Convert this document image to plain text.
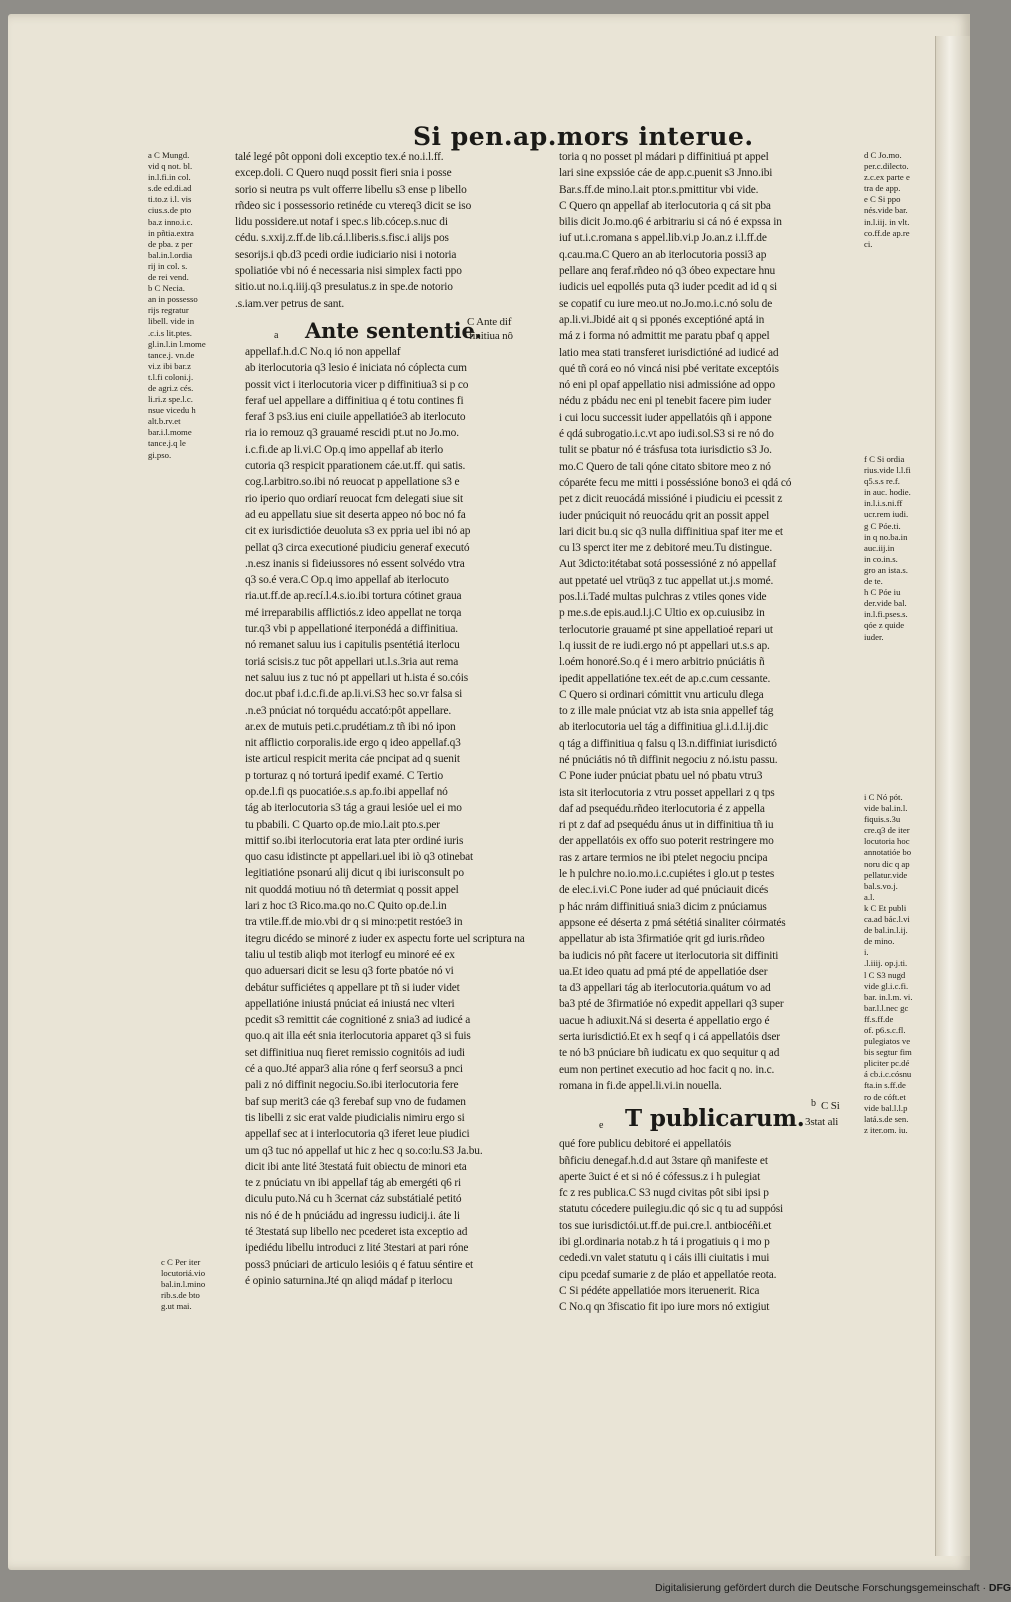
Si pen.ap.mors interue.
a C Mungd.
vid q not. bl.
in.l.fi.in col.
s.de ed.di.ad
ti.to.z i.l. vis
cius.s.de pto
ba.z inno.i.c.
in pñtia.extra
de pba. z per
bal.in.l.ordia
rij in col. s.
de rei vend.
b C Necia.
an in possesso
rijs regratur
libell. vide in
.c.i.s lit.ptes.
gl.in.l.in l.mome
tance.j. vn.de
vi.z ibi bar.z
t.l.fi coloni.j.
de agri.z cés.
li.ri.z spe.l.c.
nsue vicedu h
alt.b.rv.et
bar.i.l.mome
tance.j.q le
gi.pso.
c C Per iter
locutoriá.vio
bal.in.l.mino
rib.s.de bto
g.ut mai.
talé legé pôt opponi doli exceptio tex.é no.i.l.ff.
excep.doli. C Quero nuqd possit fieri snia i posse
sorio si neutra ps vult offerre libellu s3 ense p libello
rñdeo sic i possessorio retinéde cu vtereq3 dicit se iso
lidu possidere.ut notaf i spec.s lib.cócep.s.nuc di
cédu. s.xxij.z.ff.de lib.cá.l.liberis.s.fisc.i alijs pos
sesorijs.i qb.d3 pcedi ordie iudiciario nisi i notoria
spoliatióe vbi nó é necessaria nisi simplex facti ppo
sitio.ut no.i.q.iiij.q3 presulatus.z in spe.de notorio
.s.iam.ver petrus de sant.
Ante sententie.
C Ante dif
finitiua nô
a
appellaf.h.d.C No.q ió non appellaf
ab iterlocutoria q3 lesio é iniciata nó cóplecta cum
possit vict i iterlocutoria vicer p diffinitiua3 si p co
feraf uel appellare a diffinitiua q é totu contines fi
feraf 3 ps3.ius eni ciuile appellatióe3 ab iterlocuto
ria io remouz q3 grauamé rescidi pt.ut no Jo.mo.
i.c.fi.de ap li.vi.C Op.q imo appellaf ab iterlo
cutoria q3 respicit pparationem cáe.ut.ff. qui satis.
cog.l.arbitro.so.ibi nó reuocat p appellatione s3 e
rio iperio quo ordiarí reuocat fcm delegati siue sit
ad eu appellatu siue sit deserta appeo nó boc nó fa
cit ex iurisdictióe deuoluta s3 ex ppria uel ibi nó ap
pellat q3 circa executioné piudiciu generaf executó
.n.esz inanis si fideiussores nó essent solvédo vtra
q3 so.é vera.C Op.q imo appellaf ab iterlocuto
ria.ut.ff.de ap.recí.l.4.s.io.ibi tortura cótinet graua
mé irreparabilis afflictiós.z ideo appellat ne torqa
tur.q3 vbi p appellationé iterponédá a diffinitiua.
nó remanet saluu ius i capitulis psentétiá iterlocu
toriá scisis.z tuc pôt appellari ut.l.s.3ria aut rema
net saluu ius z tuc nó pt appellari ut h.ista é so.cóis
doc.ut pbaf i.d.c.fi.de ap.li.vi.S3 hec so.vr falsa si
.n.e3 pnúciat nó torquédu accató:pôt appellare.
ar.ex de mutuis peti.c.prudétiam.z tñ ibi nó ipon
nit afflictio corporalis.ide ergo q ideo appellaf.q3
iste articul respicit merita cáe pncipat ad q suenit
p torturaz q nó torturá ipedif examé. C Tertio
op.de.l.fi qs puocatióe.s.s ap.fo.ibi appellaf nó
tág ab iterlocutoria s3 tág a graui lesióe uel ei mo
tu pbabili. C Quarto op.de mio.l.ait pto.s.per
mittif so.ibi iterlocutoria erat lata pter ordiné iuris
quo casu idistincte pt appellari.uel ibi iò q3 otinebat
legitiatióne psonarú alij dicut q ibi iurisconsult po
nit quoddá motiuu nó tñ determiat q possit appel
lari z hoc t3 Rico.ma.qo no.C Quito op.de.l.in
tra vtile.ff.de mio.vbi dr q si mino:petit restóe3 in
itegru dicédo se minoré z iuder ex aspectu forte uel scriptura na
taliu ul testib aliqb mot iterlogf eu minoré eé ex
quo aduersari dicit se lesu q3 forte pbatóe nó vi
debátur sufficiétes q appellare pt tñ si iuder videt
appellatióne iniustá pnúciat eá iniustá nec vlteri
pcedit s3 remittit cáe cognitioné z snia3 ad iudicé a
quo.q ait illa eét snia iterlocutoria apparet q3 si fuis
set diffinitiua nuq fieret remissio cognitóis ad iudi
cé a quo.Jté appar3 alia róne q ferf seorsu3 a pnci
pali z nó diffinit negociu.So.ibi iterlocutoria fere
baf sup merit3 cáe q3 ferebaf sup vno de fudamen
tis libelli z sic erat valde piudicialis nimiru ergo si
appellaf sec at i interlocutoria q3 iferet leue piudici
um q3 tuc nó appellaf ut hic z hec q so.co:lu.S3 Ja.bu.
dicit ibi ante lité 3testatá fuit obiectu de minori eta
te z pnúciatu vn ibi appellaf tág ab emergéti q6 ri
diculu puto.Ná cu h 3cernat cáz substátialé petitó
nis nó é de h pnúciádu ad ingressu iudicij.i. áte li
té 3testatá sup libello nec pcederet ista exceptio ad
ipediédu libellu introduci z lité 3testari at pari róne
poss3 pnúciari de articulo lesióis q é fatuu séntire et
é opinio saturnina.Jté qn aliqd mádaf p iterlocu
toria q no posset pl mádari p diffinitiuá pt appel
lari sine expssióe cáe de app.c.puenit s3 Jnno.ibi
Bar.s.ff.de mino.l.ait ptor.s.pmittitur vbi vide.
C Quero qn appellaf ab iterlocutoria q cá sit pba
bilis dicit Jo.mo.q6 é arbitrariu si cá nó é expssa in
iuf ut.i.c.romana s appel.lib.vi.p Jo.an.z i.l.ff.de
q.cau.ma.C Quero an ab iterlocutoria possi3 ap
pellare anq feraf.rñdeo nó q3 óbeo expectare hnu
iudicis uel eqpollés puta q3 iuder pcedit ad id q si
se copatif cu iure meo.ut no.Jo.mo.i.c.nó solu de
ap.li.vi.Jbidé ait q si pponés exceptióné aptá in
má z i forma nó admittit me paratu pbaf q appel
latio mea stati transferet iurisdictióné ad iudicé ad
qué tñ corá eo nó vincá nisi pbé veritate exceptóis
nó eni pl opaf appellatio nisi admissióne ad oppo
nédu z pbádu nec eni pl tenebit facere pim iuder
i cui locu successit iuder appellatóis qñ i appone
é qdá subrogatio.i.c.vt apo iudi.sol.S3 si re nó do
tulit se pbatur nó é trásfusa tota iurisdictio s3 Jo.
mo.C Quero de tali qóne citato sbitore meo z nó
cóparéte fecu me mitti i posséssióne bono3 ei qdá có
pet z dicit reuocádá missióné i piudiciu ei pcessit z
iuder pnúciquit nó reuocádu qrit an possit appel
lari dicit bu.q sic q3 nulla diffinitiua spaf iter me et
cu l3 sperct iter me z debitoré meu.Tu distingue.
Aut 3dicto:itétabat sotá possessióné z nó appellaf
aut ppetaté uel vtrüq3 z tuc appellat ut.j.s momé.
pos.l.i.Tadé multas pulchras z vtiles qones vide
p me.s.de epis.aud.l.j.C Ultio ex op.cuiusibz in
terlocutorie grauamé pt sine appellatioé repari ut
l.q iussit de re iudi.ergo nó pt appellari ut.s.s ap.
l.oém honoré.So.q é i mero arbitrio pnúciátis ñ
ipedit appellatióne tex.eét de ap.c.cum cessante.
C Quero si ordinari cómittit vnu articulu dlega
to z ille male pnúciat vtz ab ista snia appellef tág
ab iterlocutoria uel tág a diffinitiua gl.i.d.l.ij.dic
q tág a diffinitiua q falsu q l3.n.diffiniat iurisdictó
né pnúciátis nó tñ diffinit negociu z nó.istu passu.
C Pone iuder pnúciat pbatu uel nó pbatu vtru3
ista sit iterlocutoria z vtru posset appellari z q tps
daf ad psequédu.rñdeo iterlocutoria é z appella
ri pt z daf ad psequédu ánus ut in diffinitiua tñ iu
der appellatóis ex offo suo poterit restringere mo
ras z artare termios ne ibi ptelet negociu pncipa
le h pulchre no.io.mo.i.c.cupiétes i glo.ut p testes
de elec.i.vi.C Pone iuder ad qué pnúciauit dicés
p hác nrám diffinitiuá snia3 dicim z pnúciamus
appsone eé déserta z pmá sététiá sinaliter cóirmatés
appellatur ab ista 3firmatióe qrit gd iuris.rñdeo
ba iudicis nó pñt facere ut iterlocutoria sit diffiniti
ua.Et ideo quatu ad pmá pté de appellatióe dser
ta d3 appellari tág ab iterlocutoria.quátum vo ad
ba3 pté de 3firmatióe nó expedit appellari q3 super
uacue h adiuxit.Ná si deserta é appellatio ergo é
serta iurisdictió.Et ex h seqf q i cá appellatóis dser
te nó b3 pnúciare bñ iudicatu ex quo sequitur q ad
eum non pertinet executio ad hoc facit q no. in.c.
romana in fi.de appel.li.vi.in nouella.
T publicarum.
b C Si
3stat ali
e
qué fore publicu debitoré ei appellatóis
bñficiu denegaf.h.d.d aut 3stare qñ manifeste et
aperte 3uict é et si nó é cófessus.z i h pulegiat
fc z res publica.C S3 nugd civitas pôt sibi ipsi p
statutu cócedere puilegiu.dic qó sic q tu ad suppósi
tos sue iurisdictói.ut.ff.de pui.cre.l. antbiocéñi.et
ibi gl.ordinaria notab.z h tá i progatiuis q i mo p
cededi.vn valet statutu q i cáis illi ciuitatis i mui
cipu pcedaf sumarie z de pláo et appellatóe reota.
C Si pédéte appellatióe mors iteruenerit. Rica
C No.q qn 3fiscatio fit ipo iure mors nó extigiut
d C Jo.mo.
per.c.dilecto.
z.c.ex parte e
tra de app.
e C Si ppo
nés.vide bar.
in.l.iij. in vlt.
co.ff.de ap.re
ci.
f C Si ordia
rius.vide l.l.fi
q5.s.s re.f.
in auc. hodie.
in.l.i.s.ni.ff
ucr.rem iudi.
g C Póe.ti.
in q no.ba.in
auc.iij.in
in co.in.s.
gro an ista.s.
de te.
h C Póe iu
der.vide bal.
in.l.fi.pses.s.
qóe z quide
iuder.
i C Nó pót.
vide bal.in.l.
fiquis.s.3u
cre.q3 de iter
locutoria hoc
annotatióe bo
noru dic q ap
pellatur.vide
bal.s.vo.j.
a.l.
k C Et publi
ca.ad bác.l.vi
de bal.in.l.ij.
de mino.
i.
.l.iiij. op.j.ti.
l C S3 nugd
vide gl.i.c.fi.
bar. in.l.m. vi.
bar.l.l.nec gc
ff.s.ff.de
of. p6.s.c.fl.
pulegiatos ve
bis segtur fim
pliciter pc.dé
á cb.i.c.cósnu
fta.in s.ff.de
ro de cóft.et
vide bal.l.l.p
latá.s.de sen.
z iter.om. iu.
Digitalisierung gefördert durch die Deutsche Forschungsgemeinschaft · DFG
